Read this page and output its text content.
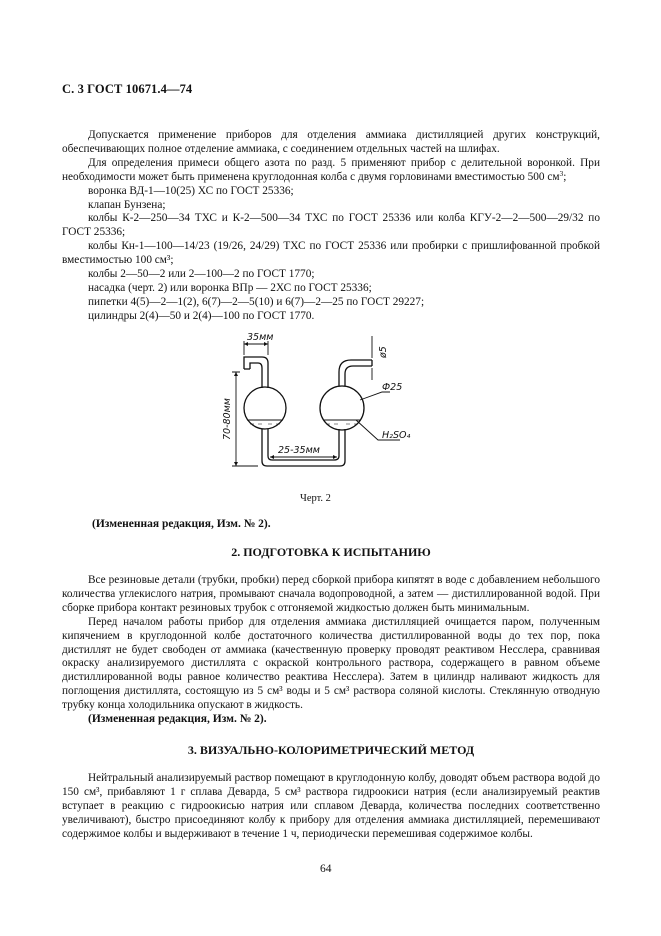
С. 3 ГОСТ 10671.4—74

Допускается применение приборов для отделения аммиака дистилляцией других конструкций, обеспечивающих полное отделение аммиака, с соединением отдельных частей на шлифах.

Для определения примеси общего азота по разд. 5 применяют прибор с делительной воронкой. При необходимости может быть применена круглодонная колба с двумя горловинами вместимостью 500 $см^3$;

воронка ВД-1—10(25) ХС по ГОСТ 25336;

клапан Бунзена;

колбы К-2—250—34 ТХС и К-2—500—34 ТХС по ГОСТ 25336 или колба КГУ-2—2—500—29/32 по ГОСТ 25336;

колбы Кн-1—100—14/23 (19/26, 24/29) ТХС по ГОСТ 25336 или пробирки с пришлифованной пробкой вместимостью 100 см³;

колбы 2—50—2 или 2—100—2 по ГОСТ 1770;

насадка (черт. 2) или воронка ВПр — 2ХС по ГОСТ 25336;

пипетки 4(5)—2—1(2), 6(7)—2—5(10) и 6(7)—2—25 по ГОСТ 29227;

цилиндры 2(4)—50 и 2(4)—100 по ГОСТ 1770.

35мм
ø5
Ф25
70-80мм
25-35мм
H₂SO₄
Черт. 2
(Измененная редакция, Изм. № 2).
2. ПОДГОТОВКА К ИСПЫТАНИЮ

Все резиновые детали (трубки, пробки) перед сборкой прибора кипятят в воде с добавлением небольшого количества углекислого натрия, промывают сначала водопроводной, а затем — дистиллированной водой. При сборке прибора контакт резиновых трубок с отгоняемой жидкостью должен быть минимальным.

Перед началом работы прибор для отделения аммиака дистилляцией очищается паром, полученным кипячением в круглодонной колбе достаточного количества дистиллированной воды до тех пор, пока дистиллят не будет свободен от аммиака (качественную проверку проводят реактивом Несслера, сравнивая окраску анализируемого дистиллята с окраской контрольного раствора, содержащего в равном объеме дистиллированной воды равное количество реактива Несслера). Затем в цилиндр наливают жидкость для поглощения дистиллята, состоящую из 5 см³ воды и 5 см³ раствора соляной кислоты. Стеклянную отводную трубку конца холодильника опускают в жидкость.

(Измененная редакция, Изм. № 2).

3. ВИЗУАЛЬНО-КОЛОРИМЕТРИЧЕСКИЙ МЕТОД

Нейтральный анализируемый раствор помещают в круглодонную колбу, доводят объем раствора водой до 150 см³, прибавляют 1 г сплава Деварда, 5 см³ раствора гидроокиси натрия (если анализируемый реактив вступает в реакцию с гидроокисью натрия или сплавом Деварда, количества последних соответственно увеличивают), быстро присоединяют колбу к прибору для отделения аммиака дистилляцией, перемешивают содержимое колбы и выдерживают в течение 1 ч, периодически перемешивая содержимое колбы.

64
